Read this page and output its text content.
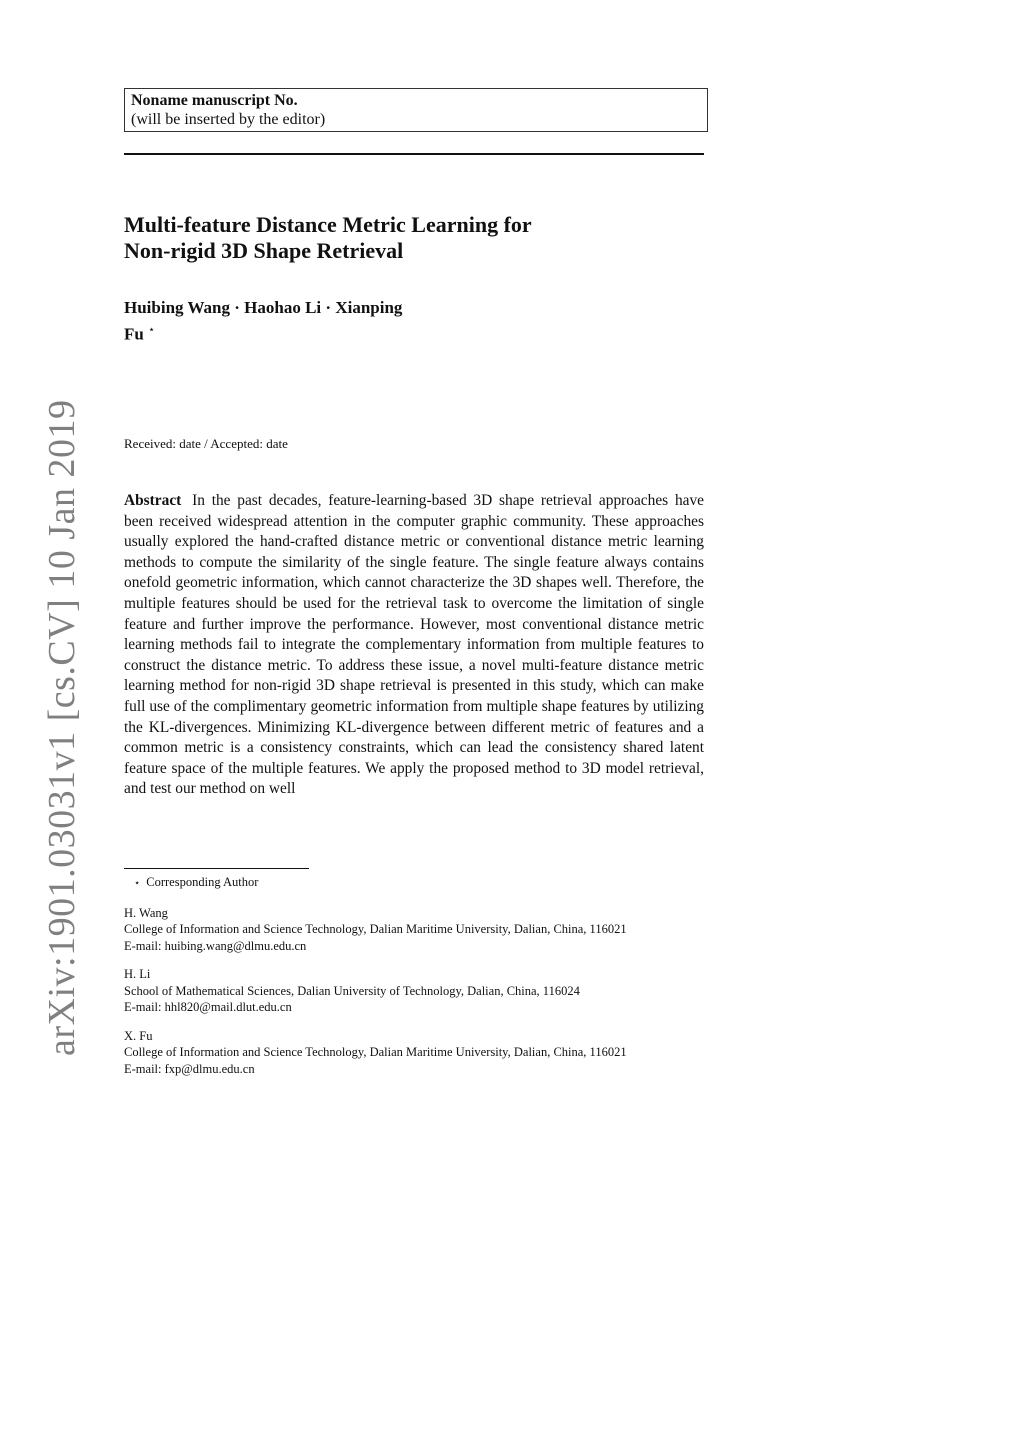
Noname manuscript No.
(will be inserted by the editor)
Multi-feature Distance Metric Learning for
Non-rigid 3D Shape Retrieval
Huibing Wang · Haohao Li · Xianping
Fu ⋆
Received: date / Accepted: date
Abstract In the past decades, feature-learning-based 3D shape retrieval approaches have been received widespread attention in the computer graphic community. These approaches usually explored the hand-crafted distance metric or conventional distance metric learning methods to compute the similarity of the single feature. The single feature always contains onefold geometric information, which cannot characterize the 3D shapes well. Therefore, the multiple features should be used for the retrieval task to overcome the limitation of single feature and further improve the performance. However, most conventional distance metric learning methods fail to integrate the complementary information from multiple features to construct the distance metric. To address these issue, a novel multi-feature distance metric learning method for non-rigid 3D shape retrieval is presented in this study, which can make full use of the complimentary geometric information from multiple shape features by utilizing the KL-divergences. Minimizing KL-divergence between different metric of features and a common metric is a consistency constraints, which can lead the consistency shared latent feature space of the multiple features. We apply the proposed method to 3D model retrieval, and test our method on well
⋆ Corresponding Author
H. Wang
College of Information and Science Technology, Dalian Maritime University, Dalian, China, 116021
E-mail: huibing.wang@dlmu.edu.cn
H. Li
School of Mathematical Sciences, Dalian University of Technology, Dalian, China, 116024
E-mail: hhl820@mail.dlut.edu.cn
X. Fu
College of Information and Science Technology, Dalian Maritime University, Dalian, China, 116021
E-mail: fxp@dlmu.edu.cn
arXiv:1901.03031v1 [cs.CV] 10 Jan 2019
